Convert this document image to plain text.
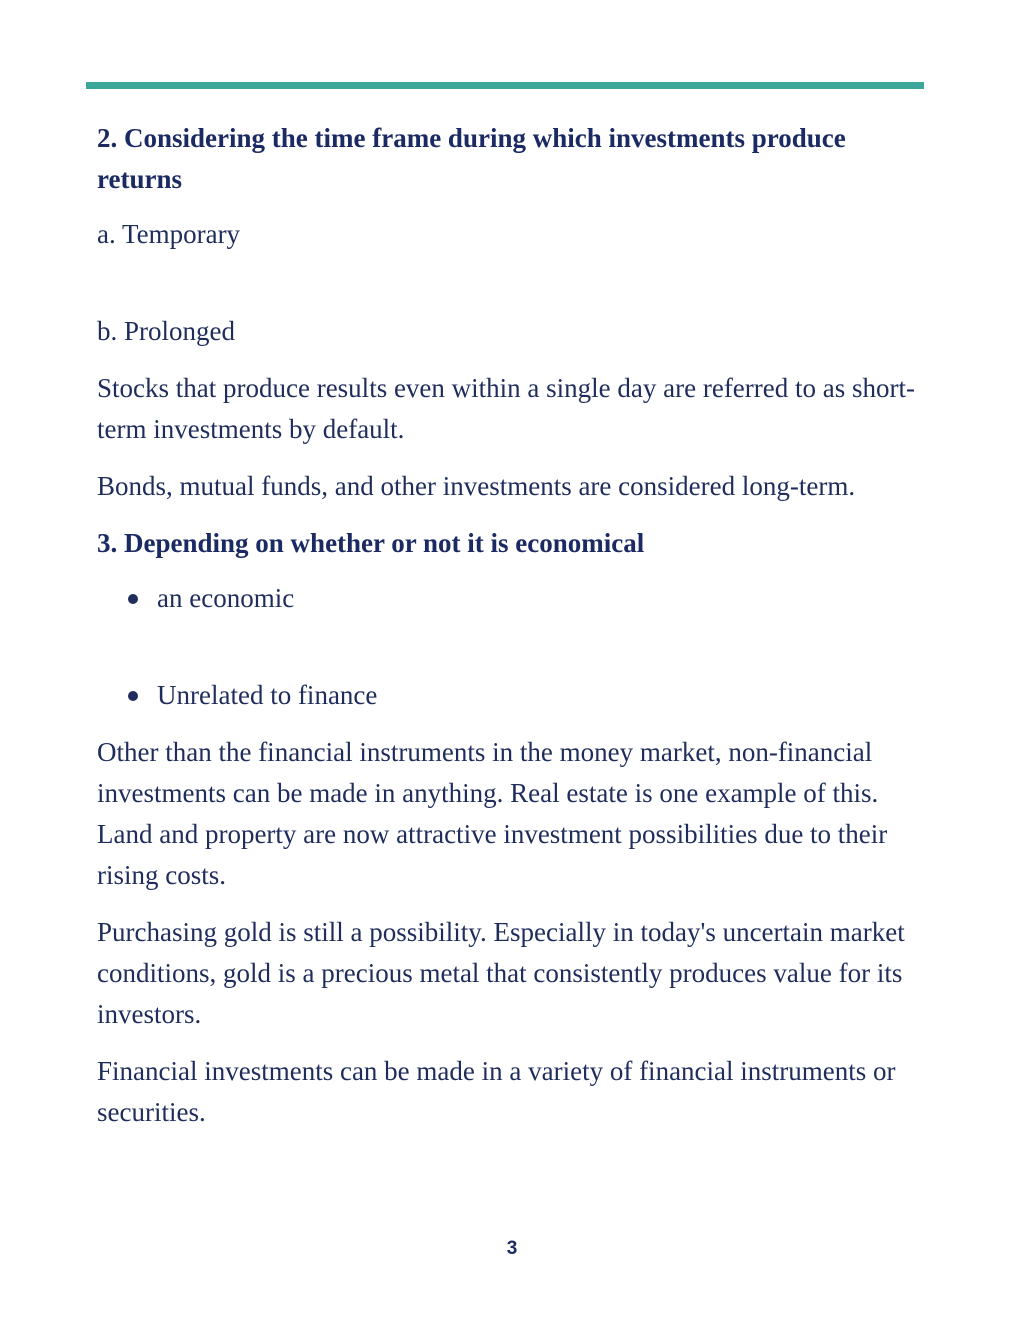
2. Considering the time frame during which investments produce returns
a. Temporary
b. Prolonged
Stocks that produce results even within a single day are referred to as short-term investments by default.
Bonds, mutual funds, and other investments are considered long-term.
3. Depending on whether or not it is economical
an economic
Unrelated to finance
Other than the financial instruments in the money market, non-financial investments can be made in anything. Real estate is one example of this. Land and property are now attractive investment possibilities due to their rising costs.
Purchasing gold is still a possibility. Especially in today's uncertain market conditions, gold is a precious metal that consistently produces value for its investors.
Financial investments can be made in a variety of financial instruments or securities.
3
